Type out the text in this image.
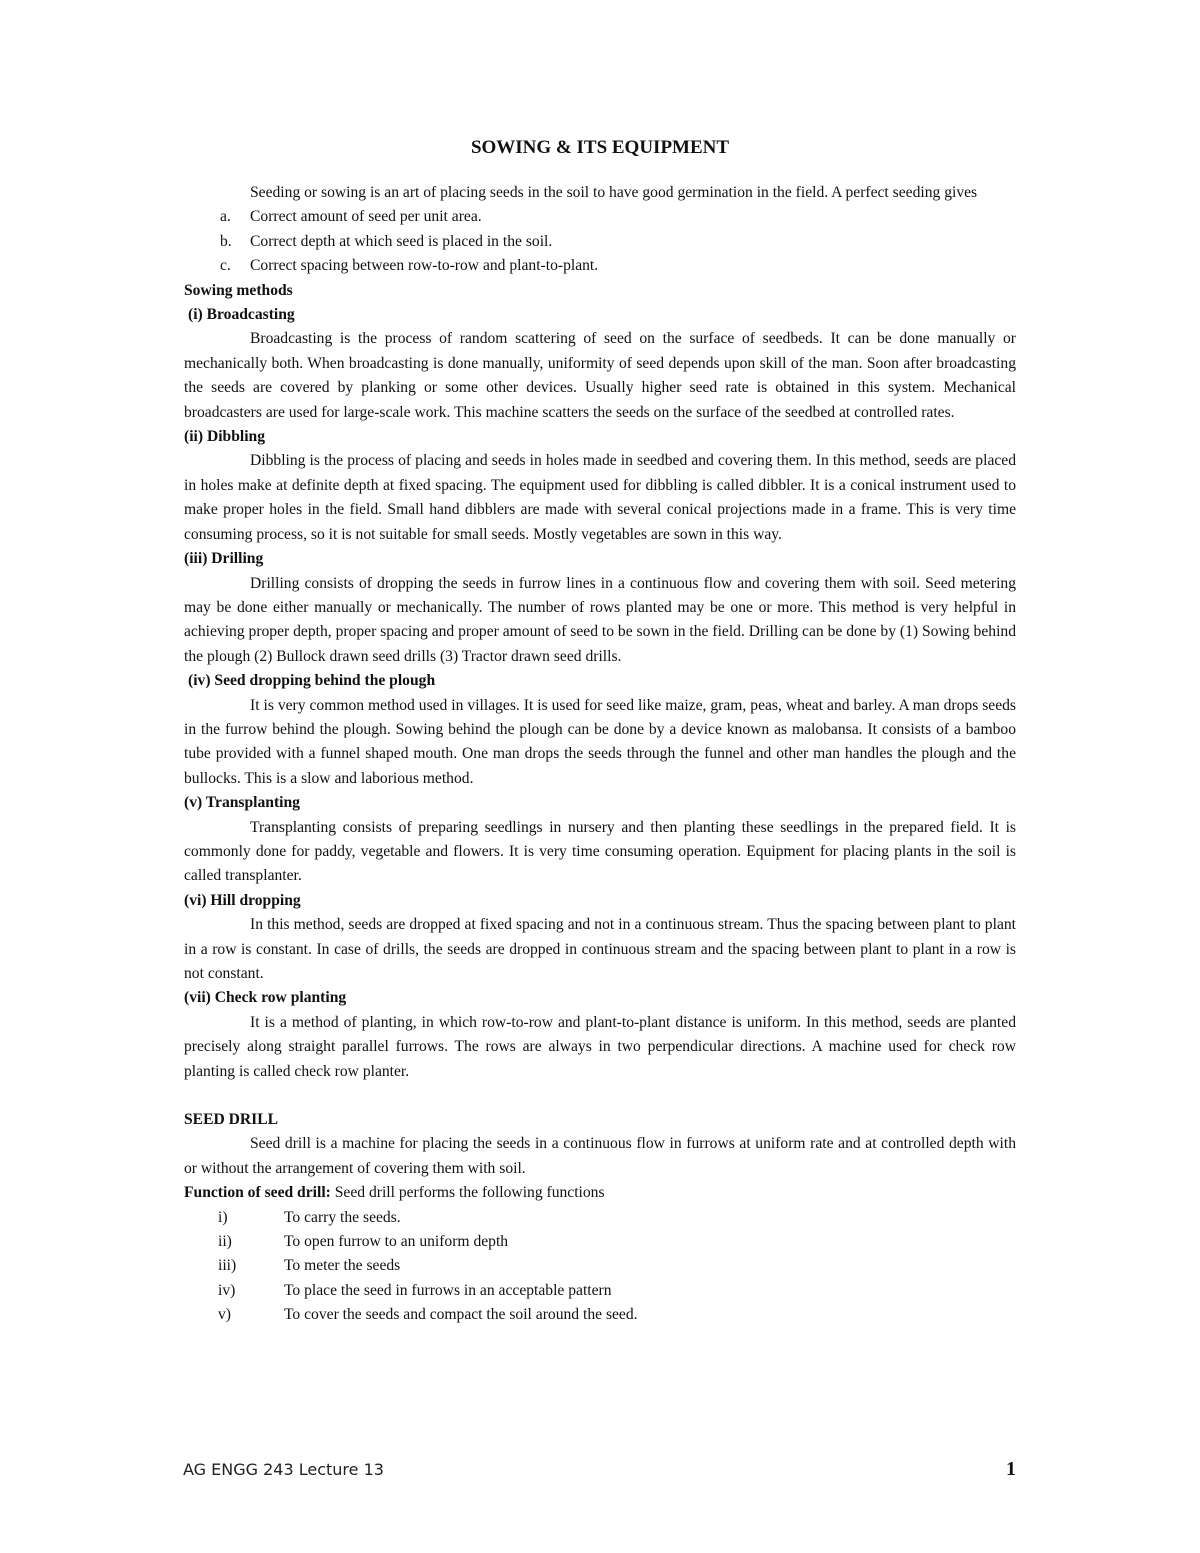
SOWING & ITS EQUIPMENT

Seeding or sowing is an art of placing seeds in the soil to have good germination in the field. A perfect seeding gives

a. Correct amount of seed per unit area.
b. Correct depth at which seed is placed in the soil.
c. Correct spacing between row-to-row and plant-to-plant.
Sowing methods
(i) Broadcasting

Broadcasting is the process of random scattering of seed on the surface of seedbeds. It can be done manually or mechanically both. When broadcasting is done manually, uniformity of seed depends upon skill of the man. Soon after broadcasting the seeds are covered by planking or some other devices. Usually higher seed rate is obtained in this system. Mechanical broadcasters are used for large-scale work. This machine scatters the seeds on the surface of the seedbed at controlled rates.

(ii) Dibbling

Dibbling is the process of placing and seeds in holes made in seedbed and covering them. In this method, seeds are placed in holes make at definite depth at fixed spacing. The equipment used for dibbling is called dibbler. It is a conical instrument used to make proper holes in the field. Small hand dibblers are made with several conical projections made in a frame. This is very time consuming process, so it is not suitable for small seeds. Mostly vegetables are sown in this way.

(iii) Drilling

Drilling consists of dropping the seeds in furrow lines in a continuous flow and covering them with soil. Seed metering may be done either manually or mechanically. The number of rows planted may be one or more. This method is very helpful in achieving proper depth, proper spacing and proper amount of seed to be sown in the field. Drilling can be done by (1) Sowing behind the plough (2) Bullock drawn seed drills (3) Tractor drawn seed drills.

(iv) Seed dropping behind the plough

It is very common method used in villages. It is used for seed like maize, gram, peas, wheat and barley. A man drops seeds in the furrow behind the plough. Sowing behind the plough can be done by a device known as malobansa. It consists of a bamboo tube provided with a funnel shaped mouth. One man drops the seeds through the funnel and other man handles the plough and the bullocks. This is a slow and laborious method.

(v) Transplanting

Transplanting consists of preparing seedlings in nursery and then planting these seedlings in the prepared field. It is commonly done for paddy, vegetable and flowers. It is very time consuming operation. Equipment for placing plants in the soil is called transplanter.

(vi) Hill dropping

In this method, seeds are dropped at fixed spacing and not in a continuous stream. Thus the spacing between plant to plant in a row is constant. In case of drills, the seeds are dropped in continuous stream and the spacing between plant to plant in a row is not constant.

(vii) Check row planting

It is a method of planting, in which row-to-row and plant-to-plant distance is uniform. In this method, seeds are planted precisely along straight parallel furrows. The rows are always in two perpendicular directions. A machine used for check row planting is called check row planter.

SEED DRILL

Seed drill is a machine for placing the seeds in a continuous flow in furrows at uniform rate and at controlled depth with or without the arrangement of covering them with soil.

Function of seed drill: Seed drill performs the following functions

i)	To carry the seeds.
ii)	To open furrow to an uniform depth
iii)	To meter the seeds
iv)	To place the seed in furrows in an acceptable pattern
v)	To cover the seeds and compact the soil around the seed.
AG ENGG 243 Lecture 13	1
